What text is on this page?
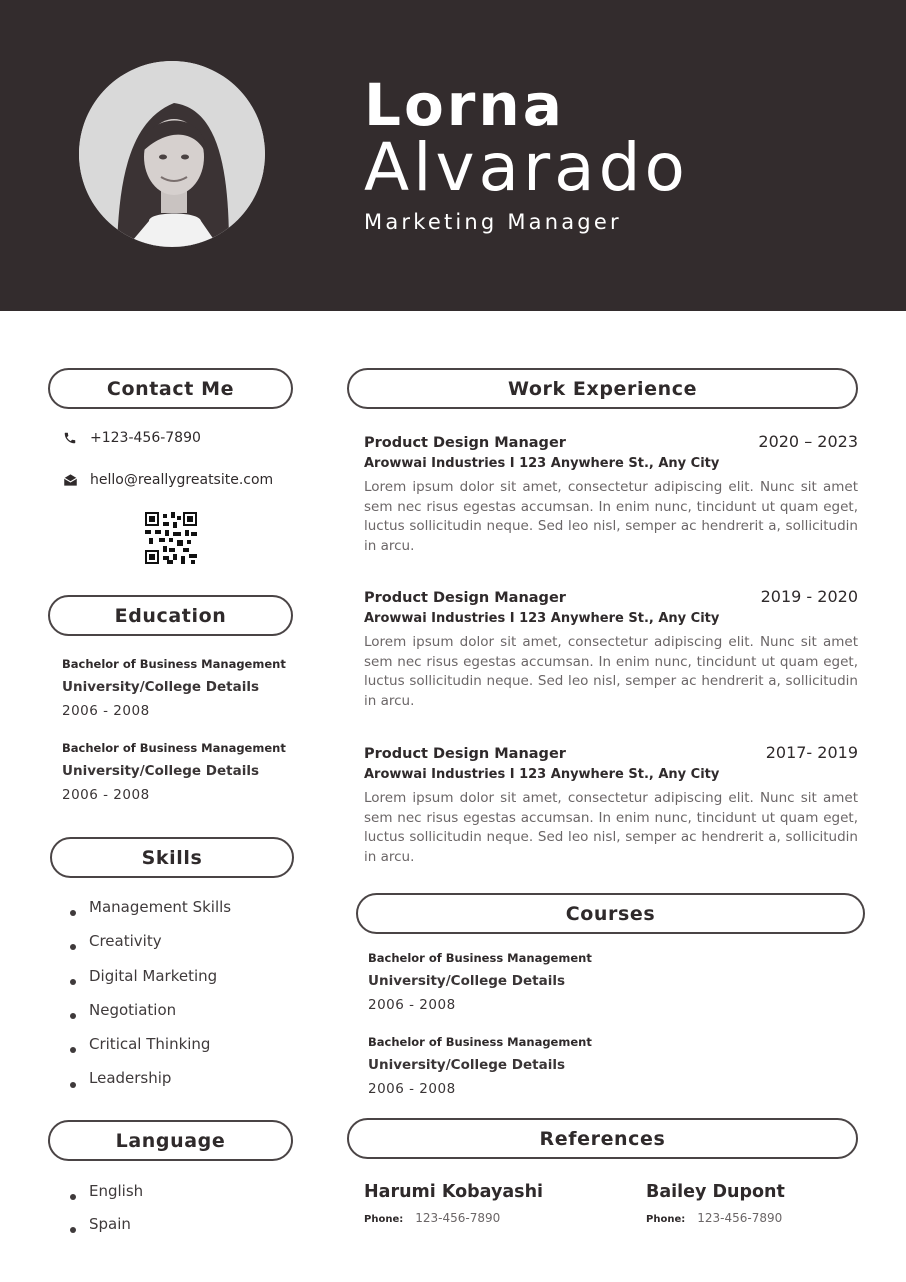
Lorna
Alvarado
Marketing Manager
Contact Me
+123-456-7890
hello@reallygreatsite.com
Education
Bachelor of Business Management
University/College Details
2006 - 2008
Bachelor of Business Management
University/College Details
2006 - 2008
Skills
Management Skills
Creativity
Digital Marketing
Negotiation
Critical Thinking
Leadership
Language
English
Spain
Work Experience
Product Design Manager	2020 – 2023
Arowwai Industries I 123 Anywhere St., Any City
Lorem ipsum dolor sit amet, consectetur adipiscing elit. Nunc sit amet sem nec risus egestas accumsan. In enim nunc, tincidunt ut quam eget, luctus sollicitudin neque. Sed leo nisl, semper ac hendrerit a, sollicitudin in arcu.
Product Design Manager	2019 - 2020
Arowwai Industries I 123 Anywhere St., Any City
Lorem ipsum dolor sit amet, consectetur adipiscing elit. Nunc sit amet sem nec risus egestas accumsan. In enim nunc, tincidunt ut quam eget, luctus sollicitudin neque. Sed leo nisl, semper ac hendrerit a, sollicitudin in arcu.
Product Design Manager	2017- 2019
Arowwai Industries I 123 Anywhere St., Any City
Lorem ipsum dolor sit amet, consectetur adipiscing elit. Nunc sit amet sem nec risus egestas accumsan. In enim nunc, tincidunt ut quam eget, luctus sollicitudin neque. Sed leo nisl, semper ac hendrerit a, sollicitudin in arcu.
Courses
Bachelor of Business Management
University/College Details
2006 - 2008
Bachelor of Business Management
University/College Details
2006 - 2008
References
Harumi Kobayashi
Phone: 123-456-7890
Bailey Dupont
Phone: 123-456-7890
